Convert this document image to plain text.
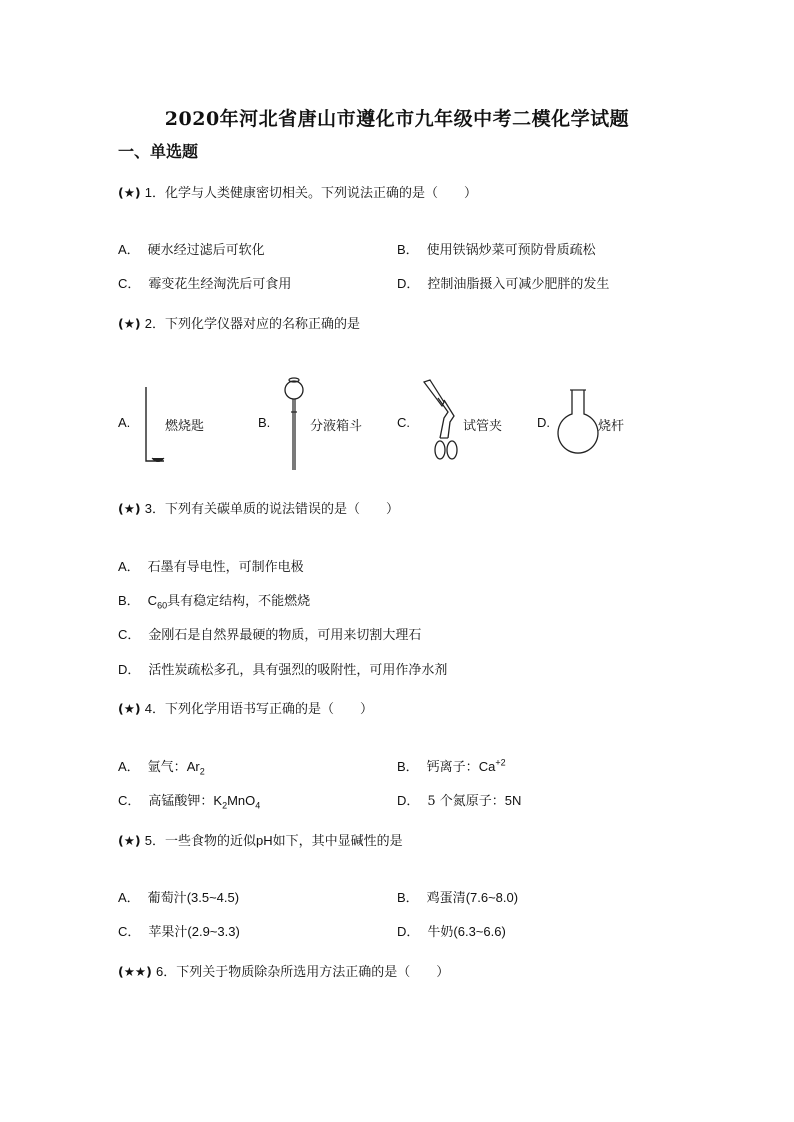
2020年河北省唐山市遵化市九年级中考二模化学试题
一、单选题
(★) 1．化学与人类健康密切相关。下列说法正确的是（　　）
A． 硬水经过滤后可软化	B． 使用铁锅炒菜可预防骨质疏松
C． 霉变花生经淘洗后可食用	D． 控制油脂摄入可减少肥胖的发生
(★) 2．下列化学仪器对应的名称正确的是
A.	燃烧匙	B.	分液箱斗	C.	试管夹	D.	烧杆
(★) 3．下列有关碳单质的说法错误的是（　　）
A． 石墨有导电性，可制作电极
B． $C_{60}$具有稳定结构，不能燃烧
C． 金刚石是自然界最硬的物质，可用来切割大理石
D． 活性炭疏松多孔，具有强烈的吸附性，可用作净水剂
(★) 4．下列化学用语书写正确的是（　　）
A． 氩气：$Ar_2$	B． 钙离子：$Ca^{+2}$
C． 高锰酸钾：$K_2MnO_4$	D． 5 个氮原子：5N
(★) 5．一些食物的近似pH如下，其中显碱性的是
A． 葡萄汁(3.5~4.5)	B． 鸡蛋清(7.6~8.0)
C． 苹果汁(2.9~3.3)	D． 牛奶(6.3~6.6)
(★★) 6．下列关于物质除杂所选用方法正确的是（　　）
